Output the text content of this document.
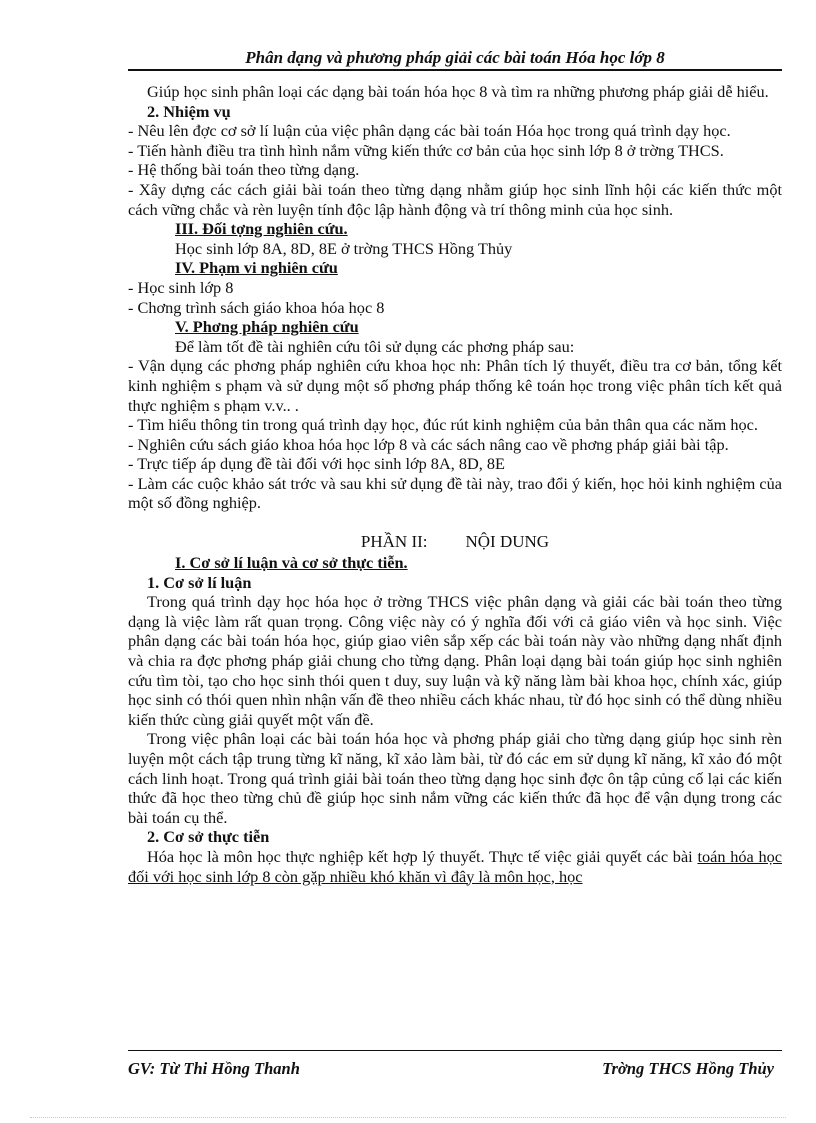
Phân dạng và phương pháp giải các bài toán Hóa học lớp 8

Giúp học sinh phân loại các dạng bài toán hóa học 8 và tìm ra những phương pháp giải dễ hiểu.

2. Nhiệm vụ

- Nêu lên đợc cơ sở lí luận của việc phân dạng các bài toán Hóa học trong quá trình dạy học.

- Tiến hành điều tra tình hình nắm vững kiến thức cơ bản của học sinh lớp 8 ở trờng THCS.

- Hệ thống bài toán theo từng dạng.

- Xây dựng các cách giải bài toán theo từng dạng nhằm giúp học sinh lĩnh hội các kiến thức một cách vững chắc và rèn luyện tính độc lập hành động và trí thông minh của học sinh.

III. Đối tợng nghiên cứu.

Học sinh lớp 8A, 8D, 8E ở trờng THCS Hồng Thủy

IV. Phạm vi nghiên cứu

- Học sinh lớp 8

- Chơng trình sách giáo khoa hóa học 8

V. Phơng pháp nghiên cứu

Để làm tốt đề tài nghiên cứu tôi sử dụng các phơng pháp sau:

- Vận dụng các phơng pháp nghiên cứu khoa học nh: Phân tích lý thuyết, điều tra cơ bản, tổng kết kinh nghiệm s phạm và sử dụng một số phơng pháp thống kê toán học trong việc phân tích kết quả thực nghiệm s phạm v.v.. .

- Tìm hiểu thông tin trong quá trình dạy học, đúc rút kinh nghiệm của bản thân qua các năm học.

- Nghiên cứu sách giáo khoa hóa học lớp 8 và các sách nâng cao về phơng pháp giải bài tập.

- Trực tiếp áp dụng đề tài đối với học sinh lớp 8A, 8D, 8E

- Làm các cuộc khảo sát trớc và sau khi sử dụng đề tài này, trao đổi ý kiến, học hỏi kinh nghiệm của một số đồng nghiệp.

PHẦN II: NỘI DUNG

I. Cơ sở lí luận và cơ sở thực tiễn.

1. Cơ sở lí luận

Trong quá trình dạy học hóa học ở trờng THCS việc phân dạng và giải các bài toán theo từng dạng là việc làm rất quan trọng. Công việc này có ý nghĩa đối với cả giáo viên và học sinh. Việc phân dạng các bài toán hóa học, giúp giao viên sắp xếp các bài toán này vào những dạng nhất định và chia ra đợc phơng pháp giải chung cho từng dạng. Phân loại dạng bài toán giúp học sinh nghiên cứu tìm tòi, tạo cho học sinh thói quen t duy, suy luận và kỹ năng làm bài khoa học, chính xác, giúp học sinh có thói quen nhìn nhận vấn đề theo nhiều cách khác nhau, từ đó học sinh có thể dùng nhiều kiến thức cùng giải quyết một vấn đề.

Trong việc phân loại các bài toán hóa học và phơng pháp giải cho từng dạng giúp học sinh rèn luyện một cách tập trung từng kĩ năng, kĩ xảo làm bài, từ đó các em sử dụng kĩ năng, kĩ xảo đó một cách linh hoạt. Trong quá trình giải bài toán theo từng dạng học sinh đợc ôn tập củng cố lại các kiến thức đã học theo từng chủ đề giúp học sinh nắm vững các kiến thức đã học để vận dụng trong các bài toán cụ thể.

2. Cơ sở thực tiễn

Hóa học là môn học thực nghiệp kết hợp lý thuyết. Thực tế việc giải quyết các bài toán hóa học đối với học sinh lớp 8 còn gặp nhiều khó khăn vì đây là môn học, học

GV: Từ Thi Hồng Thanh	Trờng THCS Hồng Thủy
